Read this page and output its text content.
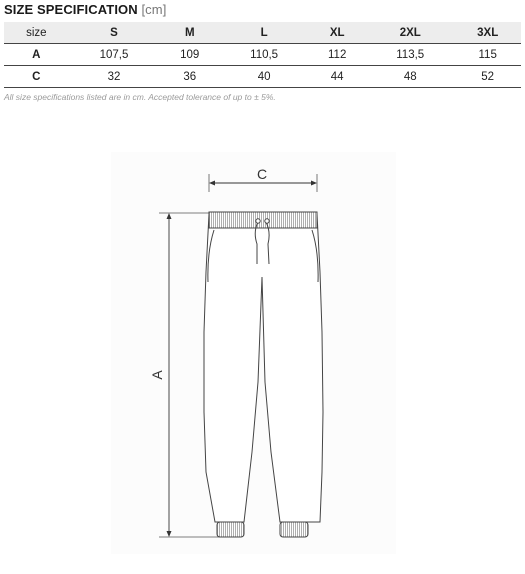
SIZE SPECIFICATION [cm]
size	S	M	L	XL	2XL	3XL
A	107,5	109	110,5	112	113,5	115
C	32	36	40	44	48	52
All size specifications listed are in cm. Accepted tolerance of up to ± 5%.
C
A
